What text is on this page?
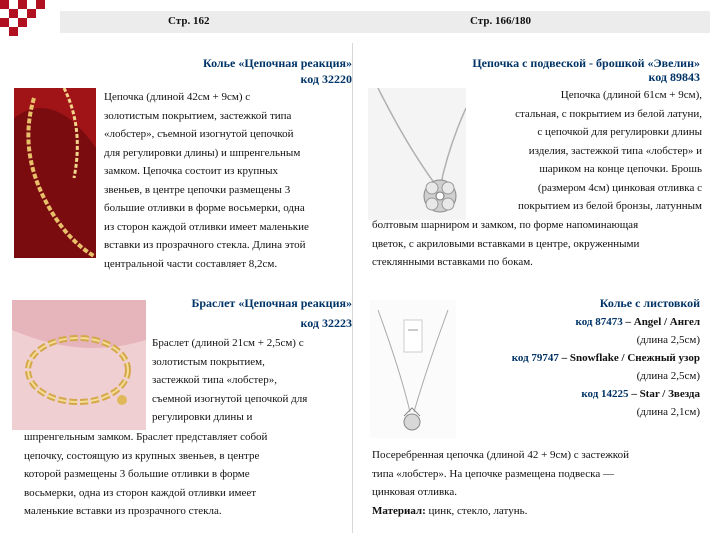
Стр. 162	Стр. 166/180
Колье «Цепочная реакция»
код 32220
Цепочка (длиной 42см + 9см) с
золотистым покрытием, застежкой типа
«лобстер», съемной изогнутой цепочкой
для регулировки длины) и шпренгельным
замком. Цепочка состоит из крупных
звеньев, в центре цепочки размещены 3
большие отливки в форме восьмерки, одна
из сторон каждой отливки имеет маленькие
вставки из прозрачного стекла. Длина этой
центральной части составляет 8,2см.
Цепочка с подвеской - брошкой «Эвелин»
код 89843
Цепочка (длиной 61см + 9см),
стальная, с покрытием из белой латуни,
с цепочкой для регулировки длины
изделия, застежкой типа «лобстер» и
шариком на конце цепочки. Брошь
(размером 4см) цинковая отливка с
покрытием из белой бронзы, латунным
болтовым шарниром и замком, по форме напоминающая
цветок, с акриловыми вставками в центре, окруженными
стеклянными вставками по бокам.
Браслет «Цепочная реакция»
код 32223
Браслет (длиной 21см + 2,5см) с
золотистым покрытием,
застежкой типа «лобстер»,
съемной изогнутой цепочкой для
регулировки длины и
шпренгельным замком. Браслет представляет собой
цепочку, состоящую из крупных звеньев, в центре
которой размещены 3 большие отливки в форме
восьмерки, одна из сторон каждой отливки имеет
маленькие вставки из прозрачного стекла.
Колье с листовкой
код 87473 – Angel / Ангел
(длина 2,5см)
код 79747 – Snowflake / Снежный узор
(длина 2,5см)
код 14225 – Star / Звезда
(длина 2,1см)
Посеребренная цепочка (длиной 42 + 9см) с застежкой
типа «лобстер». На цепочке размещена подвеска —
цинковая отливка.
Материал: цинк, стекло, латунь.
